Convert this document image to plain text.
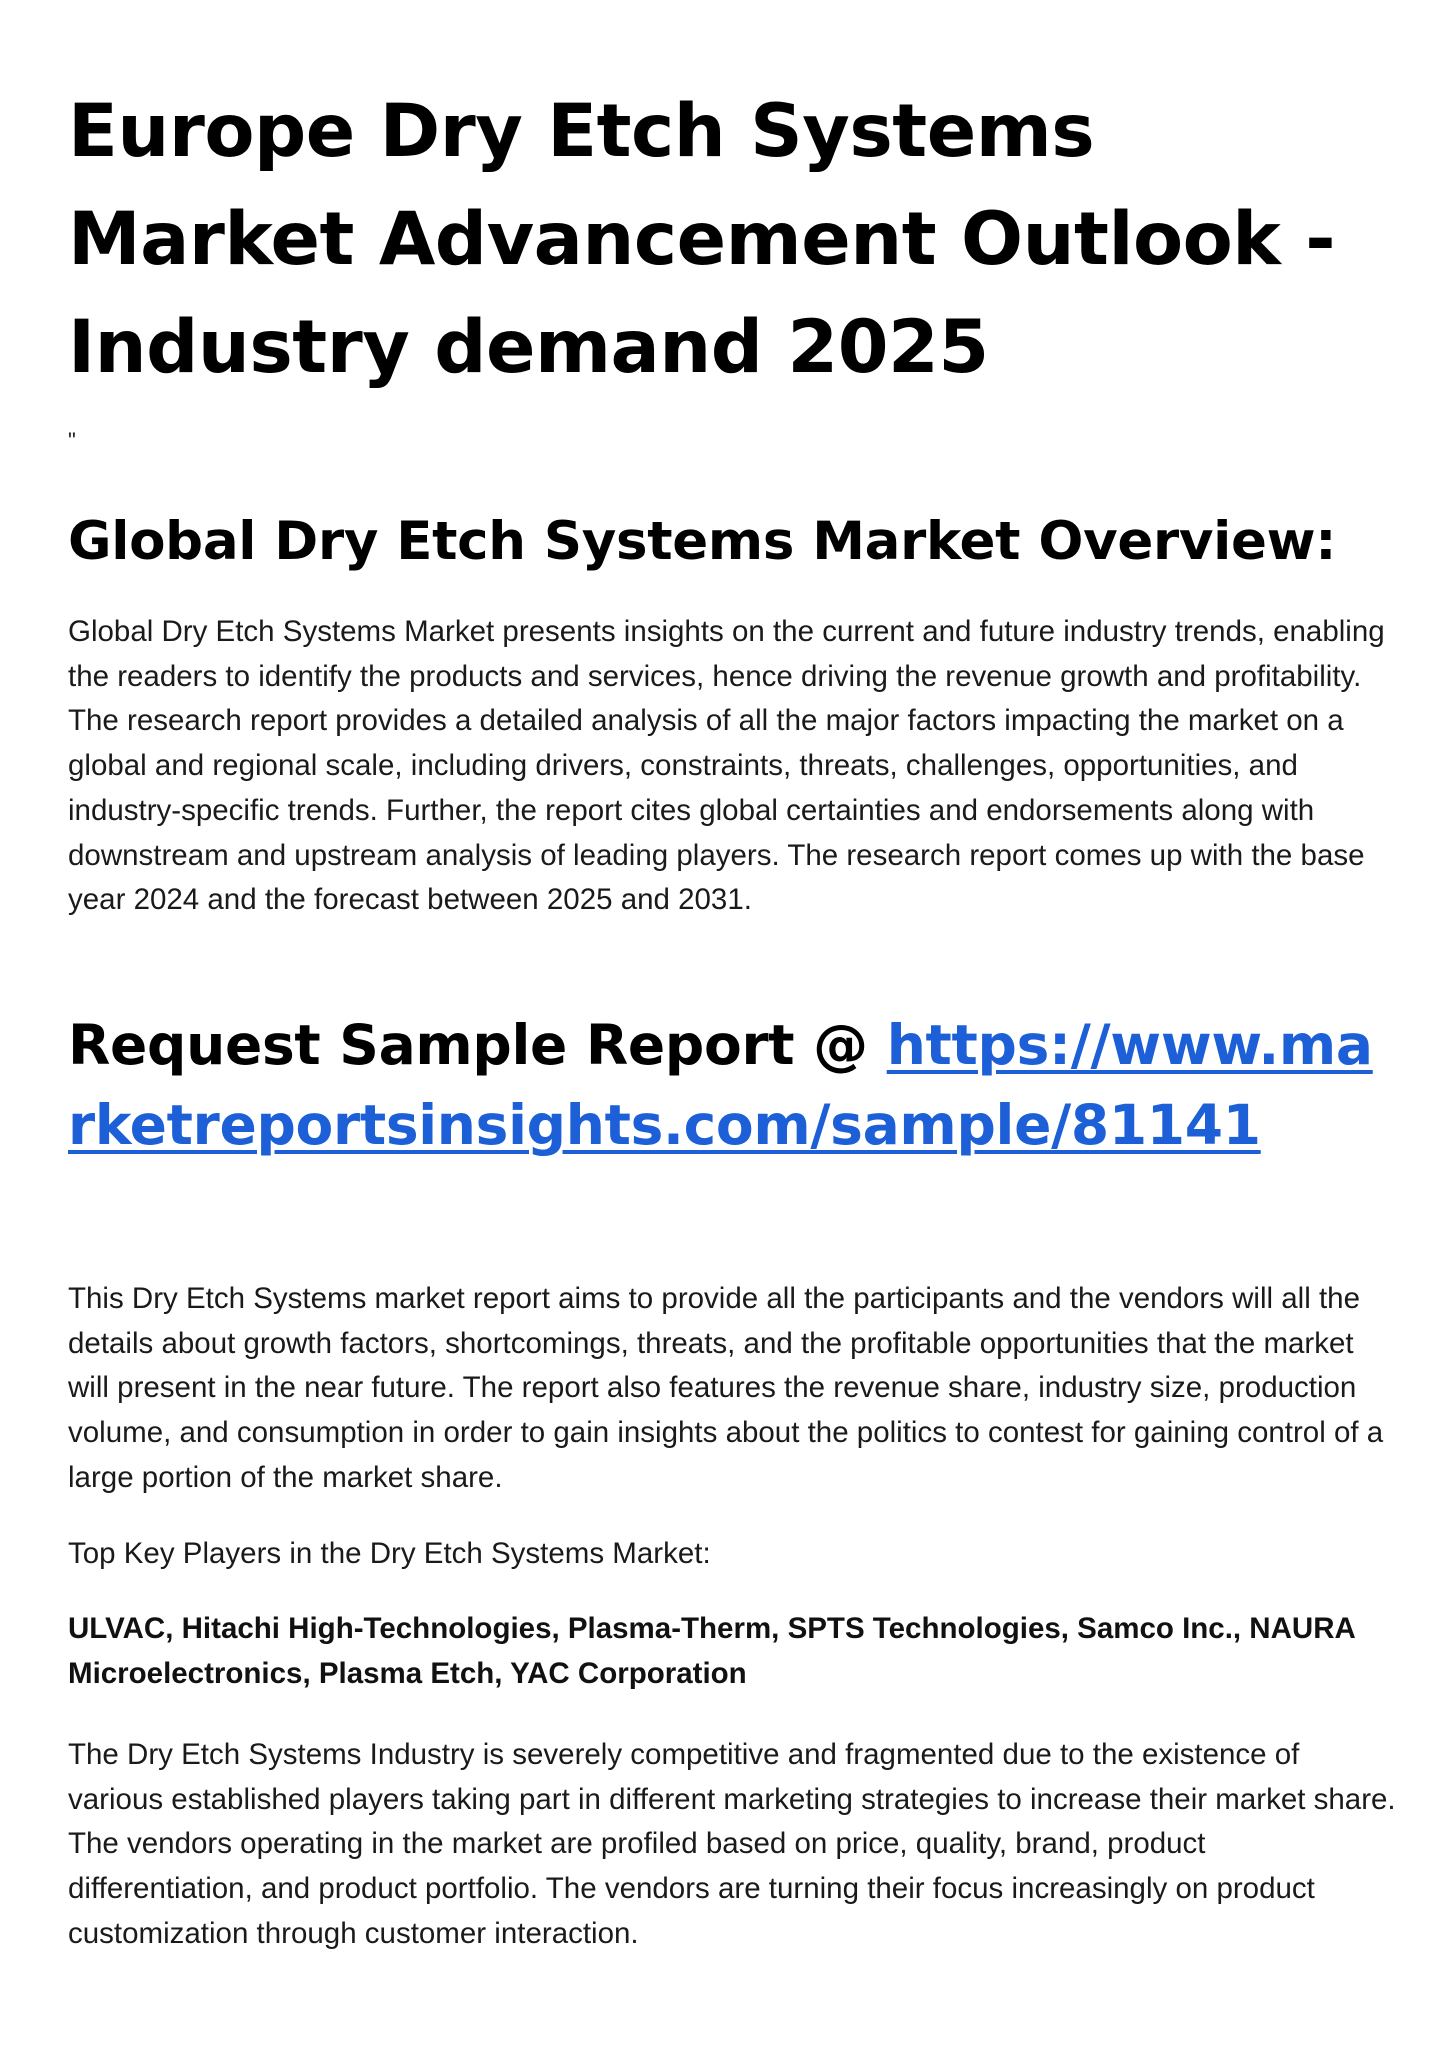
Europe Dry Etch Systems Market Advancement Outlook - Industry demand 2025
"
Global Dry Etch Systems Market Overview:

Global Dry Etch Systems Market presents insights on the current and future industry trends, enabling the readers to identify the products and services, hence driving the revenue growth and profitability. The research report provides a detailed analysis of all the major factors impacting the market on a global and regional scale, including drivers, constraints, threats, challenges, opportunities, and industry-specific trends. Further, the report cites global certainties and endorsements along with downstream and upstream analysis of leading players. The research report comes up with the base year 2024 and the forecast between 2025 and 2031.

Request Sample Report @ https://www.marketreportsinsights.com/sample/81141

This Dry Etch Systems market report aims to provide all the participants and the vendors will all the details about growth factors, shortcomings, threats, and the profitable opportunities that the market will present in the near future. The report also features the revenue share, industry size, production volume, and consumption in order to gain insights about the politics to contest for gaining control of a large portion of the market share.

Top Key Players in the Dry Etch Systems Market:

ULVAC, Hitachi High-Technologies, Plasma-Therm, SPTS Technologies, Samco Inc., NAURA Microelectronics, Plasma Etch, YAC Corporation

The Dry Etch Systems Industry is severely competitive and fragmented due to the existence of various established players taking part in different marketing strategies to increase their market share. The vendors operating in the market are profiled based on price, quality, brand, product differentiation, and product portfolio. The vendors are turning their focus increasingly on product customization through customer interaction.
